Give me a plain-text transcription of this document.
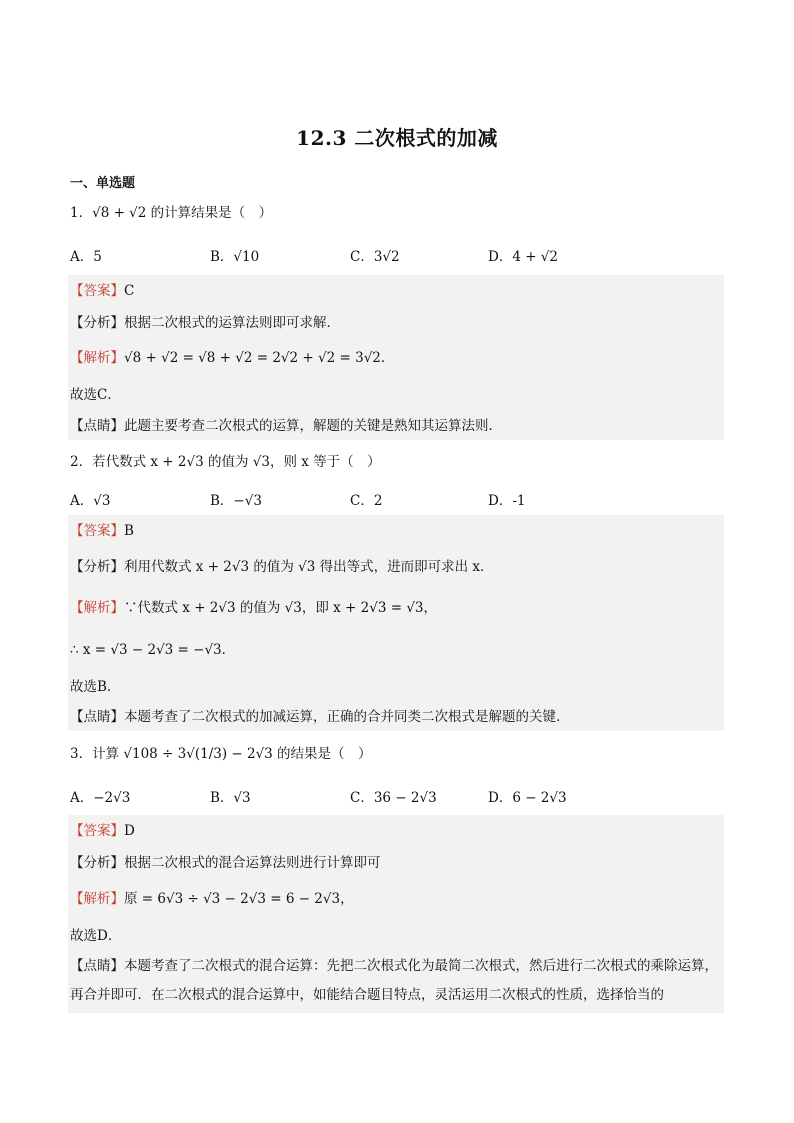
12.3 二次根式的加减
一、单选题
1．√8 + √2 的计算结果是（　）
A．5	B．√10	C．3√2	D．4 + √2
【答案】C
【分析】根据二次根式的运算法则即可求解．
【解析】√8 + √2 = √8 + √2 = 2√2 + √2 = 3√2．
故选C．
【点睛】此题主要考查二次根式的运算，解题的关键是熟知其运算法则．
2．若代数式 x + 2√3 的值为 √3，则 x 等于（　）
A．√3	B．−√3	C．2	D．-1
【答案】B
【分析】利用代数式 x + 2√3 的值为 √3 得出等式，进而即可求出 x．
【解析】∵代数式 x + 2√3 的值为 √3，即 x + 2√3 = √3，
∴ x = √3 − 2√3 = −√3．
故选B．
【点睛】本题考查了二次根式的加减运算，正确的合并同类二次根式是解题的关键．
3．计算 √108 ÷ 3√(1/3) − 2√3 的结果是（　）
A．−2√3	B．√3	C．36 − 2√3	D．6 − 2√3
【答案】D
【分析】根据二次根式的混合运算法则进行计算即可
【解析】原 = 6√3 ÷ √3 − 2√3 = 6 − 2√3，
故选D．
【点睛】本题考查了二次根式的混合运算：先把二次根式化为最简二次根式，然后进行二次根式的乘除运算，再合并即可．在二次根式的混合运算中，如能结合题目特点，灵活运用二次根式的性质，选择恰当的
